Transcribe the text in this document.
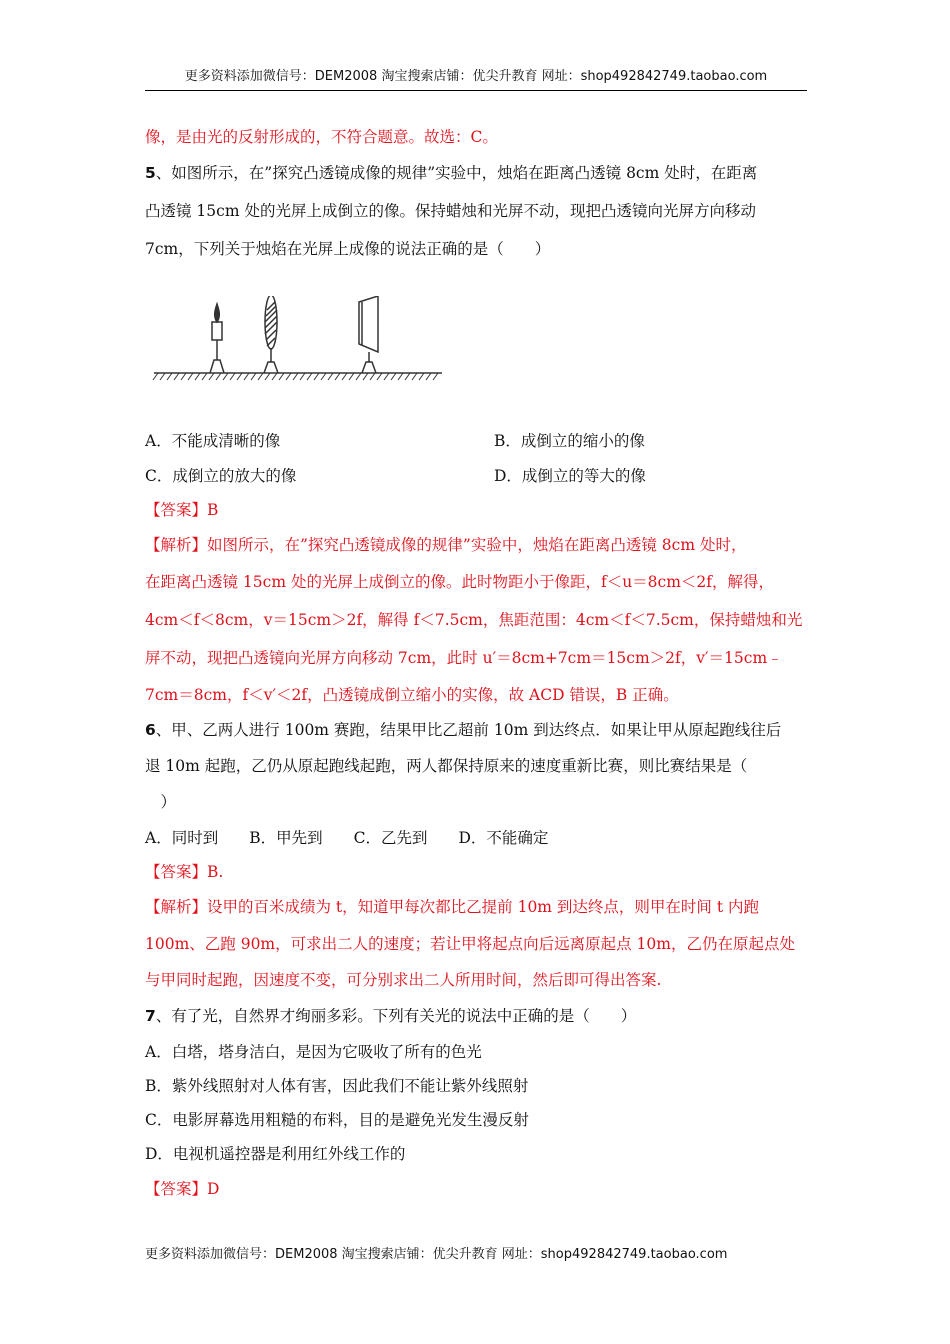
更多资料添加微信号：DEM2008 淘宝搜索店铺：优尖升教育 网址：shop492842749.taobao.com
像，是由光的反射形成的，不符合题意。故选：C。
5、如图所示，在”探究凸透镜成像的规律”实验中，烛焰在距离凸透镜 8cm 处时，在距离
凸透镜 15cm 处的光屏上成倒立的像。保持蜡烛和光屏不动，现把凸透镜向光屏方向移动
7cm，下列关于烛焰在光屏上成像的说法正确的是（　　）
A．不能成清晰的像	B．成倒立的缩小的像
C．成倒立的放大的像	D．成倒立的等大的像
【答案】B
【解析】如图所示，在”探究凸透镜成像的规律”实验中，烛焰在距离凸透镜 8cm 处时，
在距离凸透镜 15cm 处的光屏上成倒立的像。此时物距小于像距，f＜u＝8cm＜2f，解得，
4cm＜f＜8cm，v＝15cm＞2f，解得 f＜7.5cm，焦距范围：4cm＜f＜7.5cm，保持蜡烛和光
屏不动，现把凸透镜向光屏方向移动 7cm，此时 u′＝8cm+7cm＝15cm＞2f，v′＝15cm﹣
7cm＝8cm，f＜v′＜2f，凸透镜成倒立缩小的实像，故 ACD 错误，B 正确。
6、甲、乙两人进行 100m 赛跑，结果甲比乙超前 10m 到达终点．如果让甲从原起跑线往后
退 10m 起跑，乙仍从原起跑线起跑，两人都保持原来的速度重新比赛，则比赛结果是（
　）
A．同时到　　B．甲先到　　C．乙先到　　D．不能确定
【答案】B.
【解析】设甲的百米成绩为 t，知道甲每次都比乙提前 10m 到达终点，则甲在时间 t 内跑
100m、乙跑 90m，可求出二人的速度；若让甲将起点向后远离原起点 10m，乙仍在原起点处
与甲同时起跑，因速度不变，可分别求出二人所用时间，然后即可得出答案.
7、有了光，自然界才绚丽多彩。下列有关光的说法中正确的是（　　）
A．白塔，塔身洁白，是因为它吸收了所有的色光
B．紫外线照射对人体有害，因此我们不能让紫外线照射
C．电影屏幕选用粗糙的布料，目的是避免光发生漫反射
D．电视机遥控器是利用红外线工作的
【答案】D
更多资料添加微信号：DEM2008 淘宝搜索店铺：优尖升教育 网址：shop492842749.taobao.com
